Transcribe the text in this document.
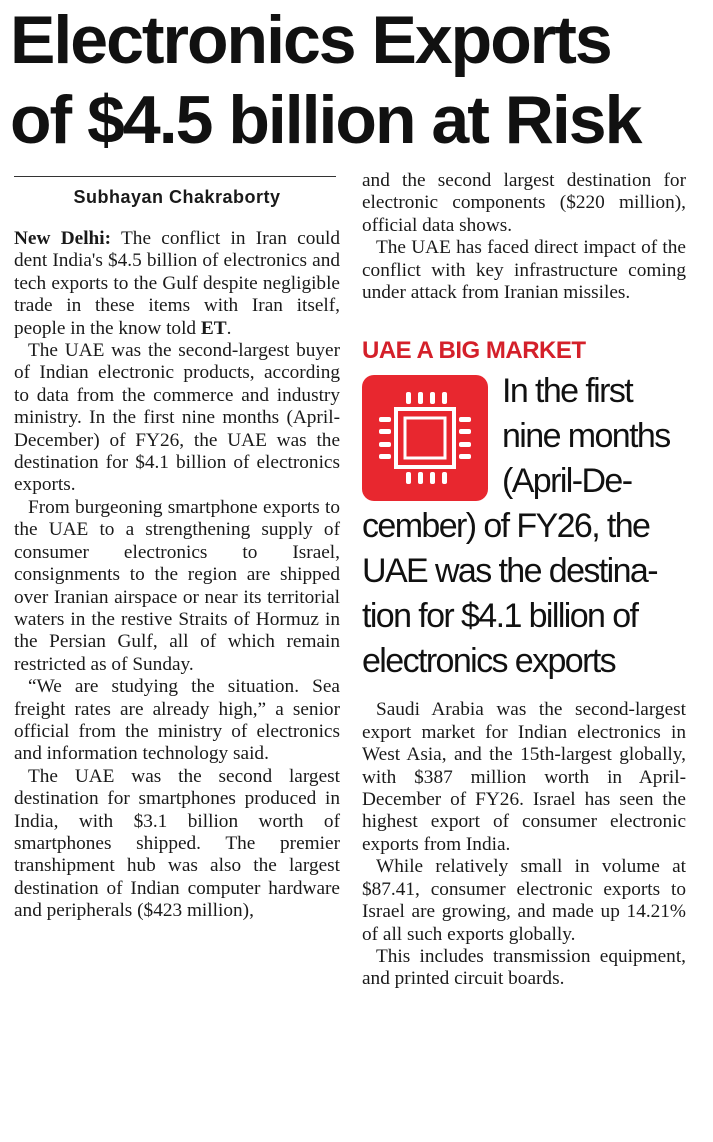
Electronics Exports
of $4.5 billion at Risk
Subhayan Chakraborty

New Delhi: The conflict in Iran could dent India's $4.5 billion of electronics and tech exports to the Gulf despite negligible trade in these items with Iran itself, people in the know told ET.

The UAE was the second-largest buyer of Indian electronic products, according to data from the commerce and industry ministry. In the first nine months (April-December) of FY26, the UAE was the destination for $4.1 billion of electronics exports.

From burgeoning smartphone exports to the UAE to a strengthening supply of consumer electronics to Israel, consignments to the region are shipped over Iranian airspace or near its territorial waters in the restive Straits of Hormuz in the Persian Gulf, all of which remain restricted as of Sunday.

“We are studying the situation. Sea freight rates are already high,” a senior official from the ministry of electronics and information technology said.

The UAE was the second largest destination for smartphones produced in India, with $3.1 billion worth of smartphones shipped. The premier transhipment hub was also the largest destination of Indian computer hardware and peripherals ($423 million),

and the second largest destination for electronic components ($220 million), official data shows.

The UAE has faced direct impact of the conflict with key infrastructure coming under attack from Iranian missiles.

UAE A BIG MARKET
In the first
nine months
(April-De-
cember) of FY26, the
UAE was the destina-
tion for $4.1 billion of
electronics exports

Saudi Arabia was the second-largest export market for Indian electronics in West Asia, and the 15th-largest globally, with $387 million worth in April-December of FY26. Israel has seen the highest export of consumer electronic exports from India.

While relatively small in volume at $87.41, consumer electronic exports to Israel are growing, and made up 14.21% of all such exports globally.

This includes transmission equipment, and printed circuit boards.
